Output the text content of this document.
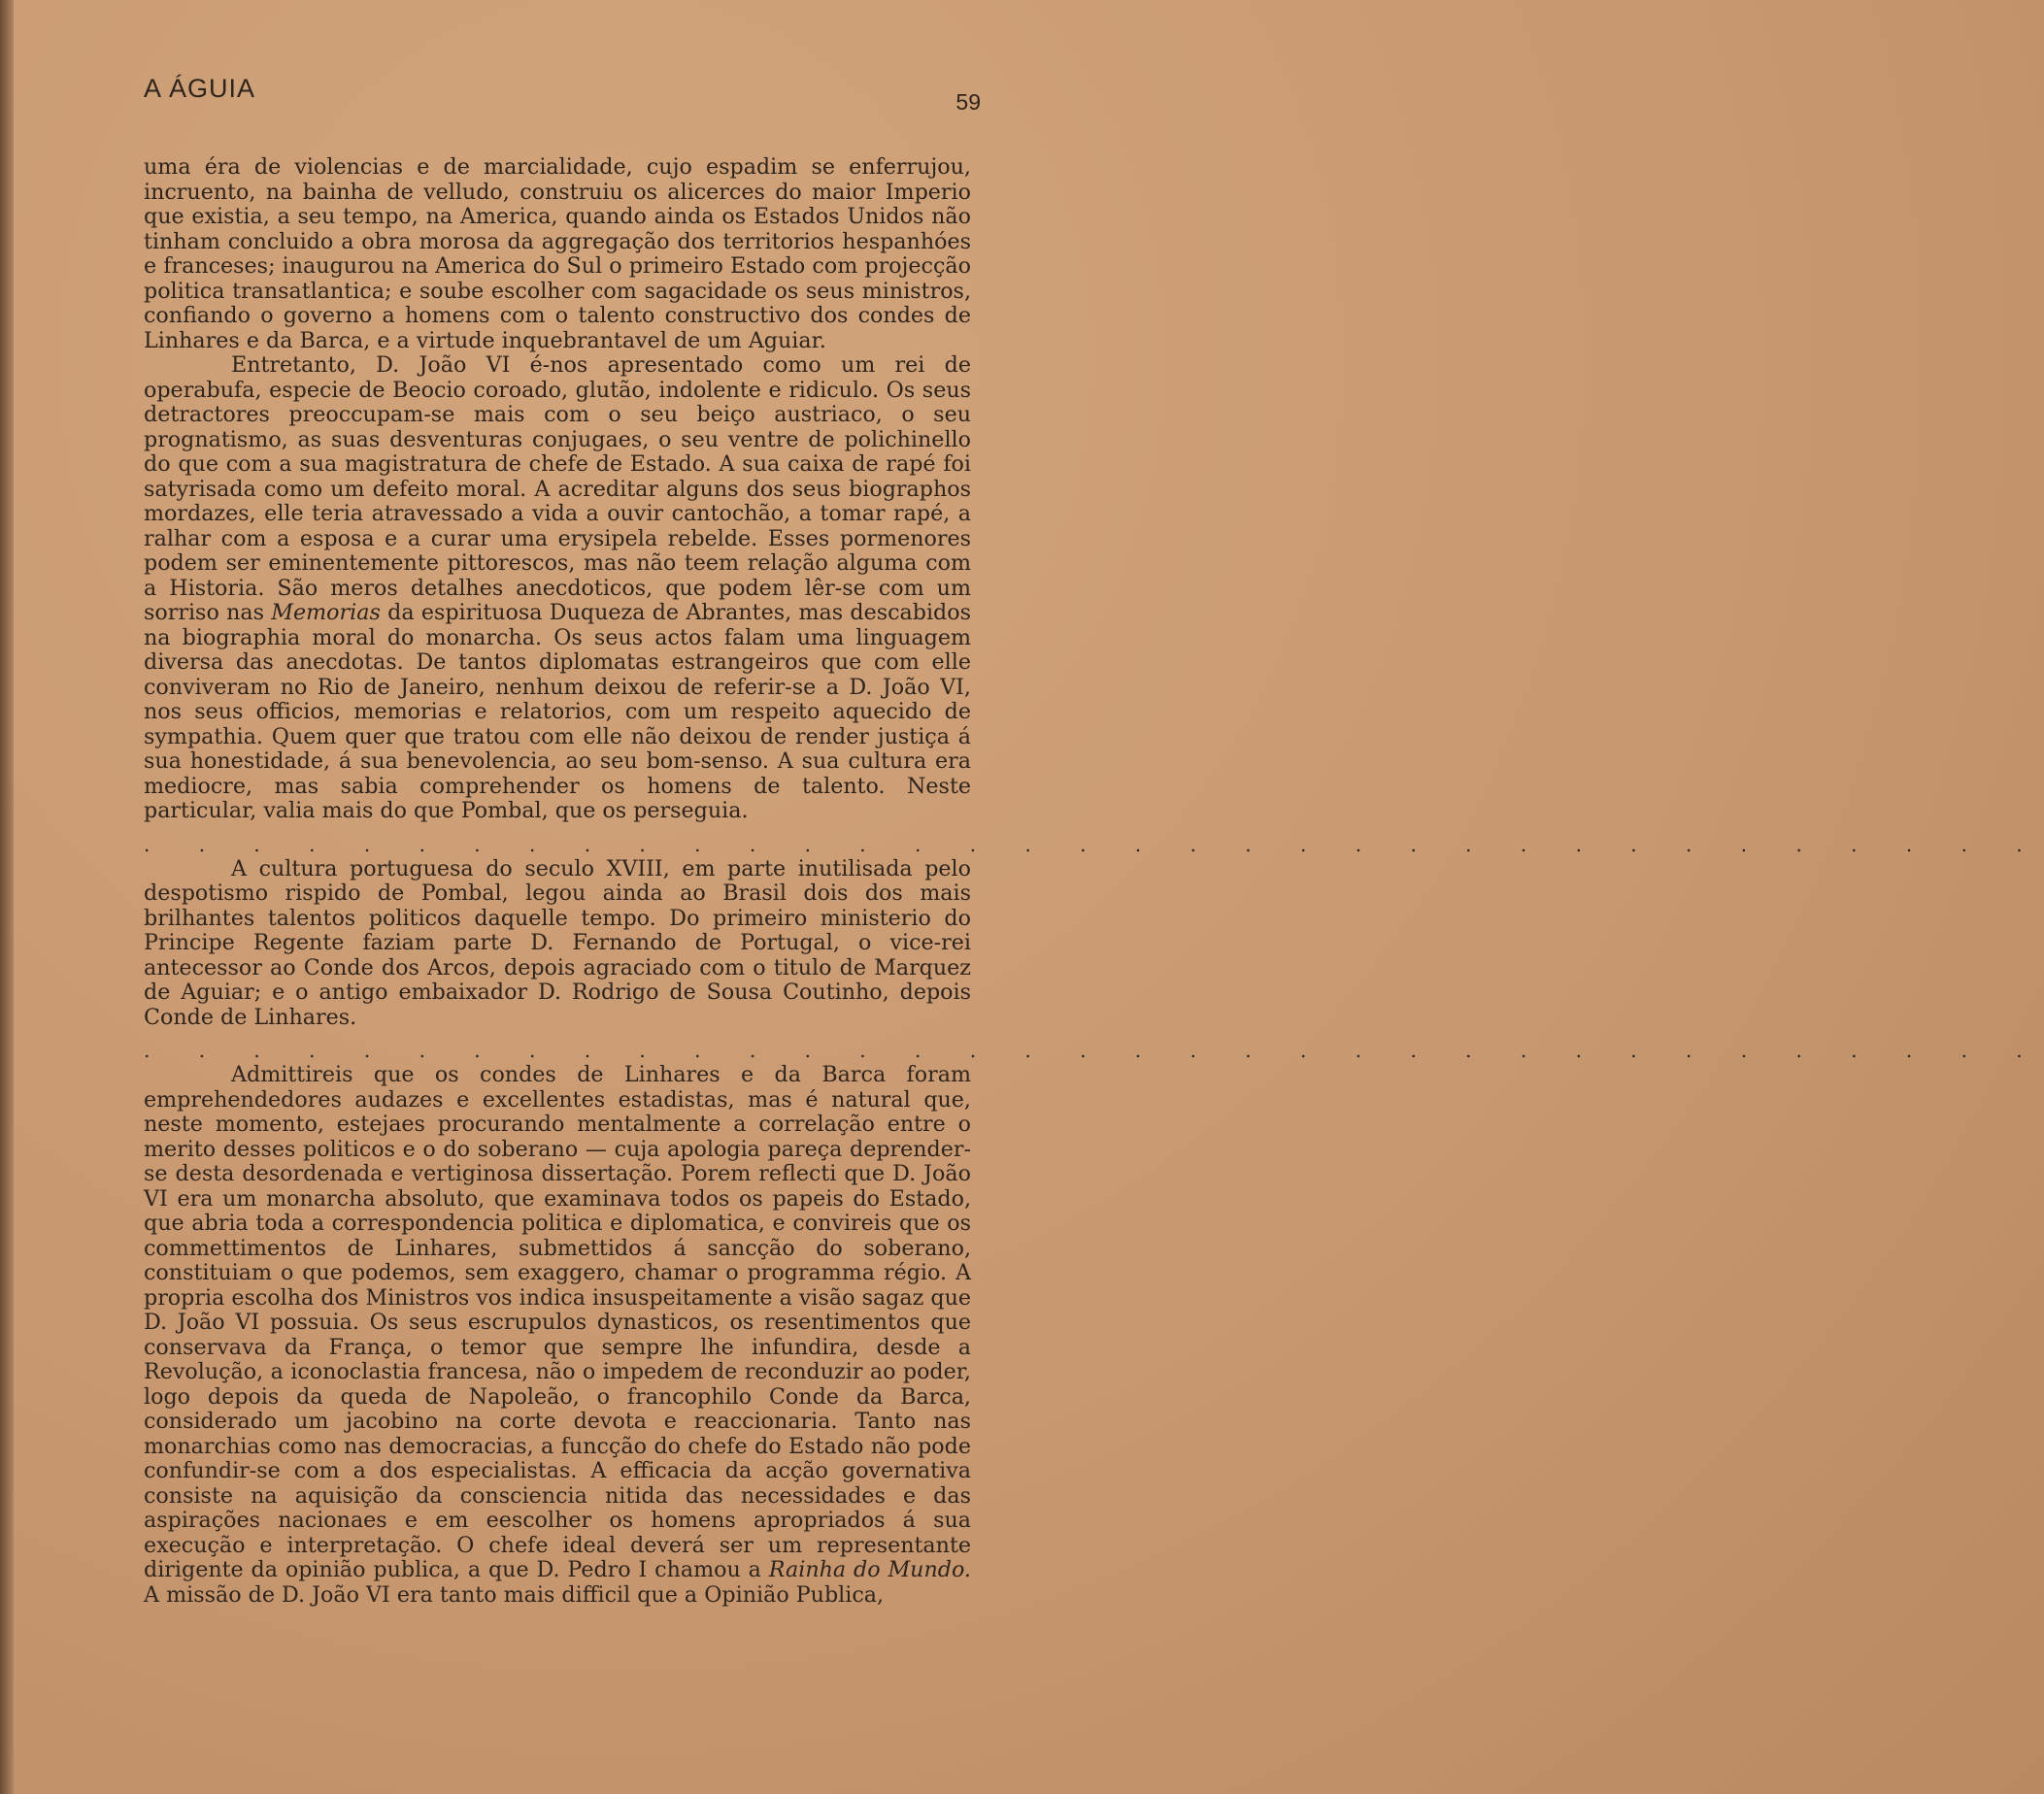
A ÁGUIA	59

uma éra de violencias e de marcialidade, cujo espadim se enferrujou, incruento, na bainha de velludo, construiu os alicerces do maior Imperio que existia, a seu tempo, na America, quando ainda os Estados Unidos não tinham concluido a obra morosa da aggregação dos territorios hespanhóes e franceses; inaugurou na America do Sul o primeiro Estado com projecção politica transatlantica; e soube escolher com sagacidade os seus ministros, confiando o governo a homens com o talento constructivo dos condes de Linhares e da Barca, e a virtude inquebrantavel de um Aguiar.

Entretanto, D. João VI é-nos apresentado como um rei de operabufa, especie de Beocio coroado, glutão, indolente e ridiculo. Os seus detractores preoccupam-se mais com o seu beiço austriaco, o seu prognatismo, as suas desventuras conjugaes, o seu ventre de polichinello do que com a sua magistratura de chefe de Estado. A sua caixa de rapé foi satyrisada como um defeito moral. A acreditar alguns dos seus biographos mordazes, elle teria atravessado a vida a ouvir cantochão, a tomar rapé, a ralhar com a esposa e a curar uma erysipela rebelde. Esses pormenores podem ser eminentemente pittorescos, mas não teem relação alguma com a Historia. São meros detalhes anecdoticos, que podem lêr-se com um sorriso nas Memorias da espirituosa Duqueza de Abrantes, mas descabidos na biographia moral do monarcha. Os seus actos falam uma linguagem diversa das anecdotas. De tantos diplomatas estrangeiros que com elle conviveram no Rio de Janeiro, nenhum deixou de referir-se a D. João VI, nos seus officios, memorias e relatorios, com um respeito aquecido de sympathia. Quem quer que tratou com elle não deixou de render justiça á sua honestidade, á sua benevolencia, ao seu bom-senso. A sua cultura era mediocre, mas sabia comprehender os homens de talento. Neste particular, valia mais do que Pombal, que os perseguia.

. . . . . . . . . . . . . . . . . . . . . . . . . . . . . . . . . . .

A cultura portuguesa do seculo XVIII, em parte inutilisada pelo despotismo rispido de Pombal, legou ainda ao Brasil dois dos mais brilhantes talentos politicos daquelle tempo. Do primeiro ministerio do Principe Regente faziam parte D. Fernando de Portugal, o vice-rei antecessor ao Conde dos Arcos, depois agraciado com o titulo de Marquez de Aguiar; e o antigo embaixador D. Rodrigo de Sousa Coutinho, depois Conde de Linhares.

. . . . . . . . . . . . . . . . . . . . . . . . . . . . . . . . . . .

Admittireis que os condes de Linhares e da Barca foram emprehendedores audazes e excellentes estadistas, mas é natural que, neste momento, estejaes procurando mentalmente a correlação entre o merito desses politicos e o do soberano — cuja apologia pareça deprender-se desta desordenada e vertiginosa dissertação. Porem reflecti que D. João VI era um monarcha absoluto, que examinava todos os papeis do Estado, que abria toda a correspondencia politica e diplomatica, e convireis que os commettimentos de Linhares, submettidos á sancção do soberano, constituiam o que podemos, sem exaggero, chamar o programma régio. A propria escolha dos Ministros vos indica insuspeitamente a visão sagaz que D. João VI possuia. Os seus escrupulos dynasticos, os resentimentos que conservava da França, o temor que sempre lhe infundira, desde a Revolução, a iconoclastia francesa, não o impedem de reconduzir ao poder, logo depois da queda de Napoleão, o francophilo Conde da Barca, considerado um jacobino na corte devota e reaccionaria. Tanto nas monarchias como nas democracias, a funcção do chefe do Estado não pode confundir-se com a dos especialistas. A efficacia da acção governativa consiste na aquisição da consciencia nitida das necessidades e das aspirações nacionaes e em eescolher os homens apropriados á sua execução e interpretação. O chefe ideal deverá ser um representante dirigente da opinião publica, a que D. Pedro I chamou a Rainha do Mundo. A missão de D. João VI era tanto mais difficil que a Opinião Publica,
